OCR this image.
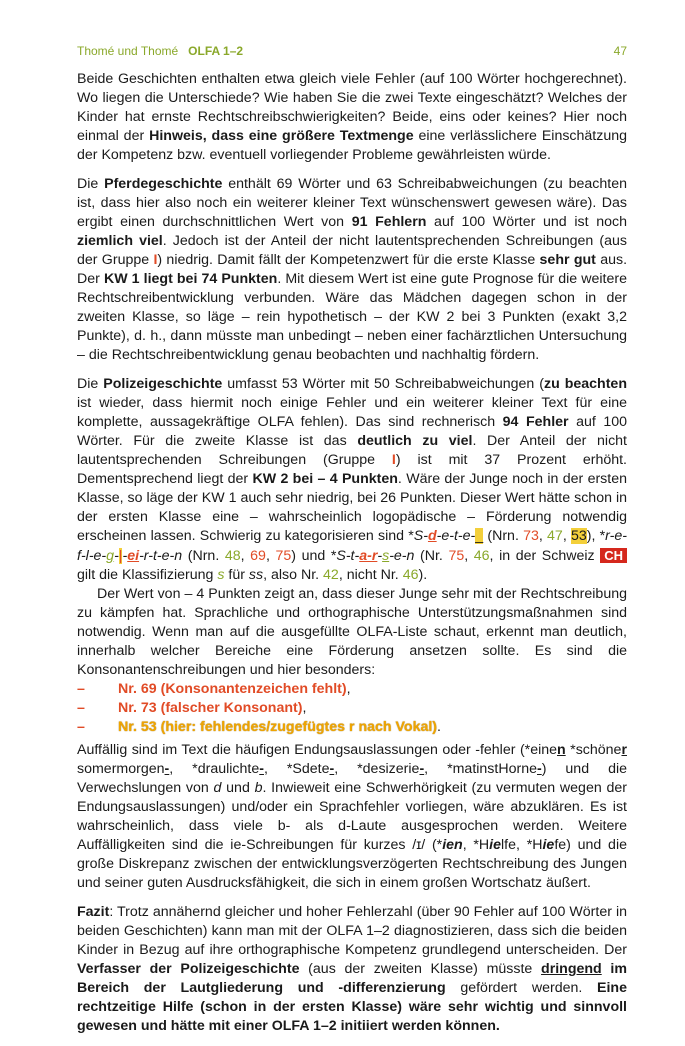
Thomé und Thomé OLFA 1–2	47

Beide Geschichten enthalten etwa gleich viele Fehler (auf 100 Wörter hochgerechnet). Wo liegen die Unterschiede? Wie haben Sie die zwei Texte eingeschätzt? Welches der Kinder hat ernste Rechtschreibschwierigkeiten? Beide, eins oder keines? Hier noch einmal der Hinweis, dass eine größere Textmenge eine verlässlichere Einschätzung der Kompetenz bzw. eventuell vorliegender Probleme gewährleisten würde.

Die Pferdegeschichte enthält 69 Wörter und 63 Schreibabweichungen (zu beachten ist, dass hier also noch ein weiterer kleiner Text wünschenswert gewesen wäre). Das ergibt einen durchschnittlichen Wert von 91 Fehlern auf 100 Wörter und ist noch ziemlich viel. Jedoch ist der Anteil der nicht lautentsprechenden Schreibungen (aus der Gruppe I) niedrig. Damit fällt der Kompetenzwert für die erste Klasse sehr gut aus. Der KW 1 liegt bei 74 Punkten. Mit diesem Wert ist eine gute Prognose für die weitere Rechtschreibentwicklung verbunden. Wäre das Mädchen dagegen schon in der zweiten Klasse, so läge – rein hypothetisch – der KW 2 bei 3 Punkten (exakt 3,2 Punkte), d. h., dann müsste man unbedingt – neben einer fachärztlichen Untersuchung – die Rechtschreibentwicklung genau beobachten und nachhaltig fördern.

Die Polizeigeschichte umfasst 53 Wörter mit 50 Schreibabweichungen (zu beachten ist wieder, dass hiermit noch einige Fehler und ein weiterer kleiner Text für eine komplette, aussagekräftige OLFA fehlen). Das sind rechnerisch 94 Fehler auf 100 Wörter. Für die zweite Klasse ist das deutlich zu viel. Der Anteil der nicht lautentsprechenden Schreibungen (Gruppe I) ist mit 37 Prozent erhöht. Dementsprechend liegt der KW 2 bei – 4 Punkten. Wäre der Junge noch in der ersten Klasse, so läge der KW 1 auch sehr niedrig, bei 26 Punkten. Dieser Wert hätte schon in der ersten Klasse eine – wahrscheinlich logopädische – Förderung notwendig erscheinen lassen. Schwierig zu kategorisieren sind *S-d-e-t-e-_ (Nrn. 73, 47, 53), *r-e-f-l-e-g-|-ei-r-t-e-n (Nrn. 48, 69, 75) und *S-t-a-r-s-e-n (Nr. 75, 46, in der Schweiz CH gilt die Klassifizierung s für ss, also Nr. 42, nicht Nr. 46).

Der Wert von – 4 Punkten zeigt an, dass dieser Junge sehr mit der Rechtschreibung zu kämpfen hat. Sprachliche und orthographische Unterstützungsmaßnahmen sind notwendig. Wenn man auf die ausgefüllte OLFA-Liste schaut, erkennt man deutlich, innerhalb welcher Bereiche eine Förderung ansetzen sollte. Es sind die Konsonantenschreibungen und hier besonders:

– Nr. 69 (Konsonantenzeichen fehlt),
– Nr. 73 (falscher Konsonant),
– Nr. 53 (hier: fehlendes/zugefügtes r nach Vokal).

Auffällig sind im Text die häufigen Endungsauslassungen oder -fehler (*einen *schöner somermorgen-, *draulichte-, *Sdete-, *desizerie-, *matinstHorne-) und die Verwechslungen von d und b. Inwieweit eine Schwerhörigkeit (zu vermuten wegen der Endungsauslassungen) und/oder ein Sprachfehler vorliegen, wäre abzuklären. Es ist wahrscheinlich, dass viele b- als d-Laute ausgesprochen werden. Weitere Auffälligkeiten sind die ie-Schreibungen für kurzes /ɪ/ (*ien, *Hielfe, *Hiefe) und die große Diskrepanz zwischen der entwicklungsverzögerten Rechtschreibung des Jungen und seiner guten Ausdrucksfähigkeit, die sich in einem großen Wortschatz äußert.

Fazit: Trotz annähernd gleicher und hoher Fehlerzahl (über 90 Fehler auf 100 Wörter in beiden Geschichten) kann man mit der OLFA 1–2 diagnostizieren, dass sich die beiden Kinder in Bezug auf ihre orthographische Kompetenz grundlegend unterscheiden. Der Verfasser der Polizeigeschichte (aus der zweiten Klasse) müsste dringend im Bereich der Lautgliederung und -differenzierung gefördert werden. Eine rechtzeitige Hilfe (schon in der ersten Klasse) wäre sehr wichtig und sinnvoll gewesen und hätte mit einer OLFA 1–2 initiiert werden können.
